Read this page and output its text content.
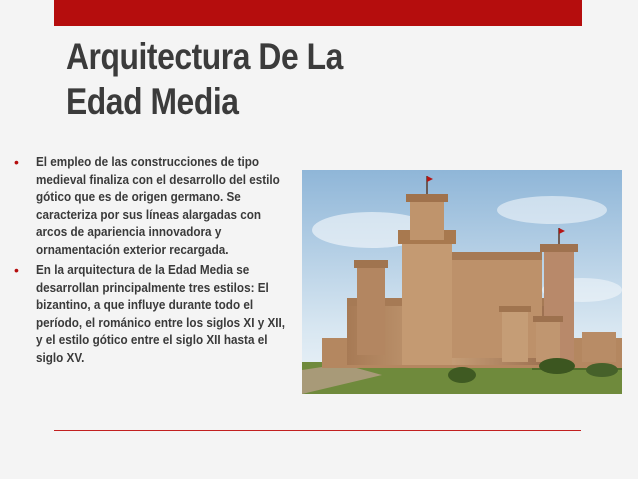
Arquitectura De La Edad Media
• El empleo de las construcciones de tipo medieval finaliza con el desarrollo del estilo gótico que es de origen germano. Se caracteriza por sus líneas alargadas con arcos de apariencia innovadora y ornamentación exterior recargada.
• En la arquitectura de la Edad Media se desarrollan principalmente tres estilos: El bizantino, a que influye durante todo el período, el románico entre los siglos XI y XII, y el estilo gótico entre el siglo XII hasta el siglo XV.
